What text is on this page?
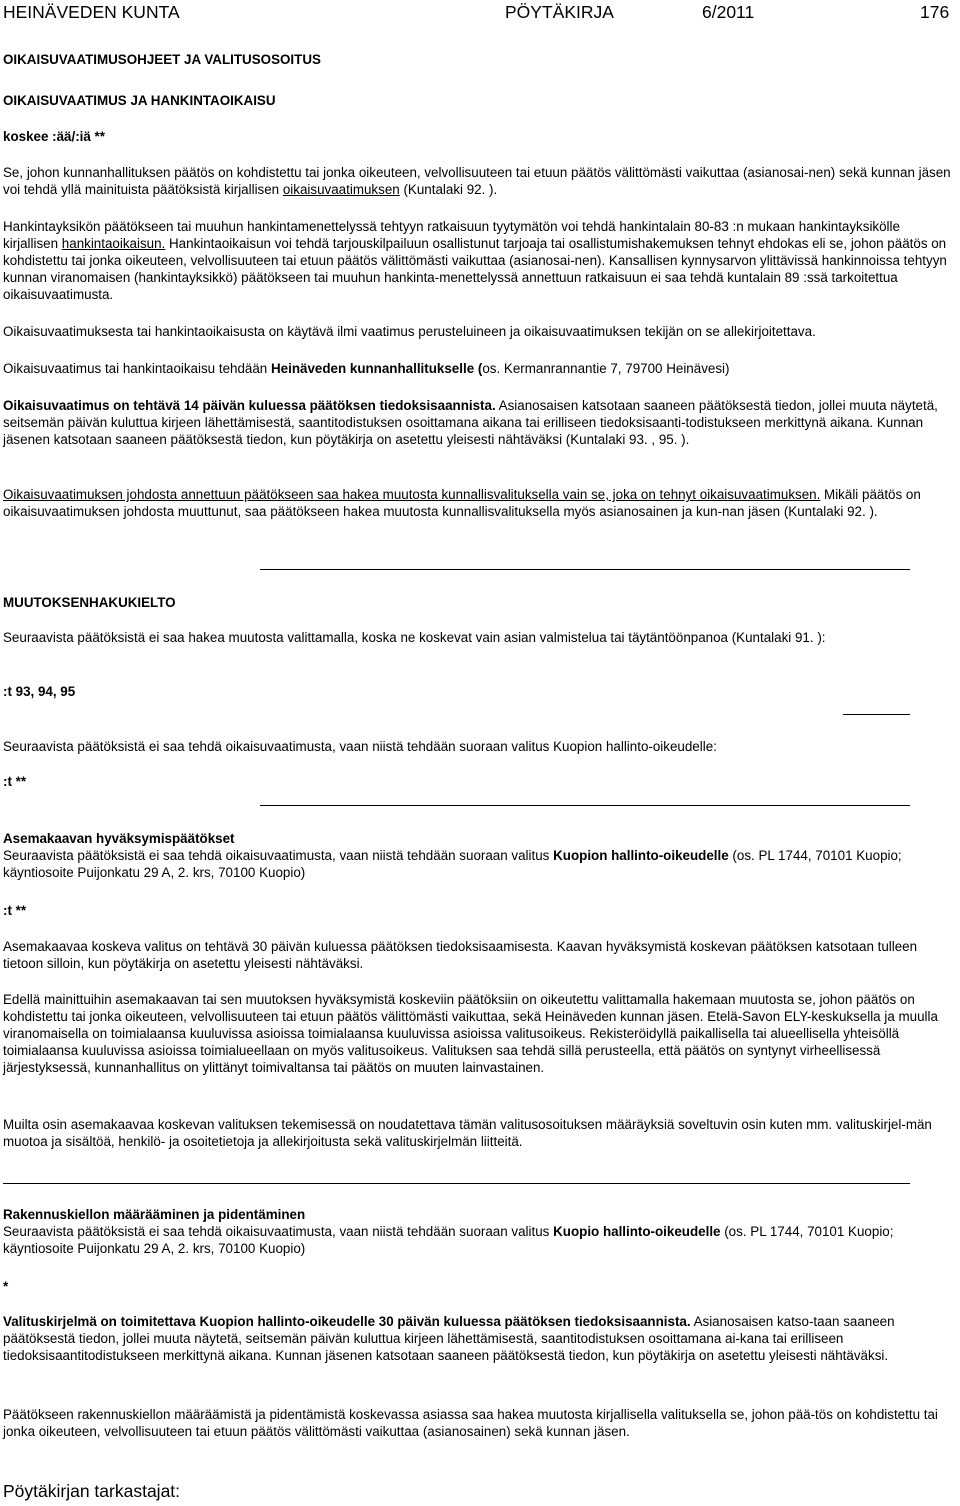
HEINÄVEDEN KUNTA	PÖYTÄKIRJA	6/2011	176

OIKAISUVAATIMUSOHJEET JA VALITUSOSOITUS

OIKAISUVAATIMUS JA HANKINTAOIKAISU

koskee :ää/:iä **

Se, johon kunnanhallituksen päätös on kohdistettu tai jonka oikeuteen, velvollisuuteen tai etuun päätös välittömästi vaikuttaa (asianosai-nen) sekä kunnan jäsen voi tehdä yllä mainituista päätöksistä kirjallisen oikaisuvaatimuksen (Kuntalaki 92. ).

Hankintayksikön päätökseen tai muuhun hankintamenettelyssä tehtyyn ratkaisuun tyytymätön voi tehdä hankintalain 80-83 :n mukaan hankintayksikölle kirjallisen hankintaoikaisun. Hankintaoikaisun voi tehdä tarjouskilpailuun osallistunut tarjoaja tai osallistumishakemuksen tehnyt ehdokas eli se, johon päätös on kohdistettu tai jonka oikeuteen, velvollisuuteen tai etuun päätös välittömästi vaikuttaa (asianosai-nen). Kansallisen kynnysarvon ylittävissä hankinnoissa tehtyyn kunnan viranomaisen (hankintayksikkö) päätökseen tai muuhun hankinta-menettelyssä annettuun ratkaisuun ei saa tehdä kuntalain 89 :ssä tarkoitettua oikaisuvaatimusta.

Oikaisuvaatimuksesta tai hankintaoikaisusta on käytävä ilmi vaatimus perusteluineen ja oikaisuvaatimuksen tekijän on se allekirjoitettava.

Oikaisuvaatimus tai hankintaoikaisu tehdään Heinäveden kunnanhallitukselle (os. Kermanrannantie 7, 79700 Heinävesi)

Oikaisuvaatimus on tehtävä 14 päivän kuluessa päätöksen tiedoksisaannista. Asianosaisen katsotaan saaneen päätöksestä tiedon, jollei muuta näytetä, seitsemän päivän kuluttua kirjeen lähettämisestä, saantitodistuksen osoittamana aikana tai erilliseen tiedoksisaanti-todistukseen merkittynä aikana. Kunnan jäsenen katsotaan saaneen päätöksestä tiedon, kun pöytäkirja on asetettu yleisesti nähtäväksi (Kuntalaki 93. , 95. ).

Oikaisuvaatimuksen johdosta annettuun päätökseen saa hakea muutosta kunnallisvalituksella vain se, joka on tehnyt oikaisuvaatimuksen. Mikäli päätös on oikaisuvaatimuksen johdosta muuttunut, saa päätökseen hakea muutosta kunnallisvalituksella myös asianosainen ja kun-nan jäsen (Kuntalaki 92. ).

MUUTOKSENHAKUKIELTO

Seuraavista päätöksistä ei saa hakea muutosta valittamalla, koska ne koskevat vain asian valmistelua tai täytäntöönpanoa (Kuntalaki 91. ):

:t 93, 94, 95

Seuraavista päätöksistä ei saa tehdä oikaisuvaatimusta, vaan niistä tehdään suoraan valitus Kuopion hallinto-oikeudelle:

:t **

Asemakaavan hyväksymispäätökset

Seuraavista päätöksistä ei saa tehdä oikaisuvaatimusta, vaan niistä tehdään suoraan valitus Kuopion hallinto-oikeudelle (os. PL 1744, 70101 Kuopio; käyntiosoite Puijonkatu 29 A, 2. krs, 70100 Kuopio)

:t **

Asemakaavaa koskeva valitus on tehtävä 30 päivän kuluessa päätöksen tiedoksisaamisesta. Kaavan hyväksymistä koskevan päätöksen katsotaan tulleen tietoon silloin, kun pöytäkirja on asetettu yleisesti nähtäväksi.

Edellä mainittuihin asemakaavan tai sen muutoksen hyväksymistä koskeviin päätöksiin on oikeutettu valittamalla hakemaan muutosta se, johon päätös on kohdistettu tai jonka oikeuteen, velvollisuuteen tai etuun päätös välittömästi vaikuttaa, sekä Heinäveden kunnan jäsen. Etelä-Savon ELY-keskuksella ja muulla viranomaisella on toimialaansa kuuluvissa asioissa toimialaansa kuuluvissa asioissa valitusoikeus. Rekisteröidyllä paikallisella tai alueellisella yhteisöllä toimialaansa kuuluvissa asioissa toimialueellaan on myös valitusoikeus. Valituksen saa tehdä sillä perusteella, että päätös on syntynyt virheellisessä järjestyksessä, kunnanhallitus on ylittänyt toimivaltansa tai päätös on muuten lainvastainen.

Muilta osin asemakaavaa koskevan valituksen tekemisessä on noudatettava tämän valitusosoituksen määräyksiä soveltuvin osin kuten mm. valituskirjel-män muotoa ja sisältöä, henkilö- ja osoitetietoja ja allekirjoitusta sekä valituskirjelmän liitteitä.

Rakennuskiellon määrääminen ja pidentäminen

Seuraavista päätöksistä ei saa tehdä oikaisuvaatimusta, vaan niistä tehdään suoraan valitus Kuopio hallinto-oikeudelle (os. PL 1744, 70101 Kuopio; käyntiosoite Puijonkatu 29 A, 2. krs, 70100 Kuopio)

*

Valituskirjelmä on toimitettava Kuopion hallinto-oikeudelle 30 päivän kuluessa päätöksen tiedoksisaannista. Asianosaisen katso-taan saaneen päätöksestä tiedon, jollei muuta näytetä, seitsemän päivän kuluttua kirjeen lähettämisestä, saantitodistuksen osoittamana ai-kana tai erilliseen tiedoksisaantitodistukseen merkittynä aikana. Kunnan jäsenen katsotaan saaneen päätöksestä tiedon, kun pöytäkirja on asetettu yleisesti nähtäväksi.

Päätökseen rakennuskiellon määräämistä ja pidentämistä koskevassa asiassa saa hakea muutosta kirjallisella valituksella se, johon pää-tös on kohdistettu tai jonka oikeuteen, velvollisuuteen tai etuun päätös välittömästi vaikuttaa (asianosainen) sekä kunnan jäsen.

Pöytäkirjan tarkastajat:
